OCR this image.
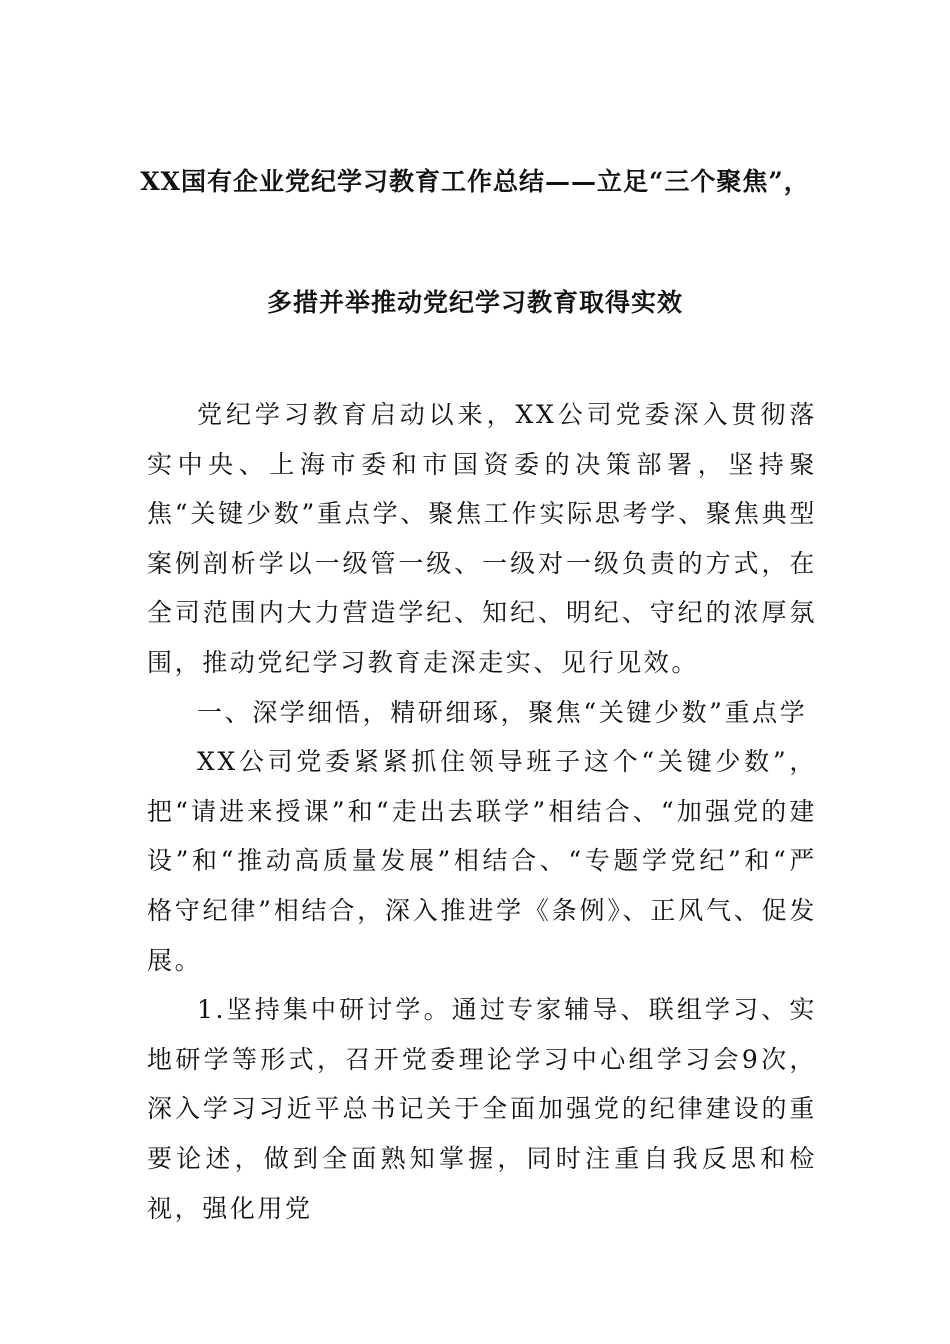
XX国有企业党纪学习教育工作总结——立足“三个聚焦”，
多措并举推动党纪学习教育取得实效

党纪学习教育启动以来，XX公司党委深入贯彻落实中央、上海市委和市国资委的决策部署，坚持聚焦“关键少数”重点学、聚焦工作实际思考学、聚焦典型案例剖析学以一级管一级、一级对一级负责的方式，在全司范围内大力营造学纪、知纪、明纪、守纪的浓厚氛围，推动党纪学习教育走深走实、见行见效。

一、深学细悟，精研细琢，聚焦“关键少数”重点学

XX公司党委紧紧抓住领导班子这个“关键少数”，把“请进来授课”和“走出去联学”相结合、“加强党的建设”和“推动高质量发展”相结合、“专题学党纪”和“严格守纪律”相结合，深入推进学《条例》、正风气、促发展。

1.坚持集中研讨学。通过专家辅导、联组学习、实地研学等形式，召开党委理论学习中心组学习会9次，深入学习习近平总书记关于全面加强党的纪律建设的重要论述，做到全面熟知掌握，同时注重自我反思和检视，强化用党
